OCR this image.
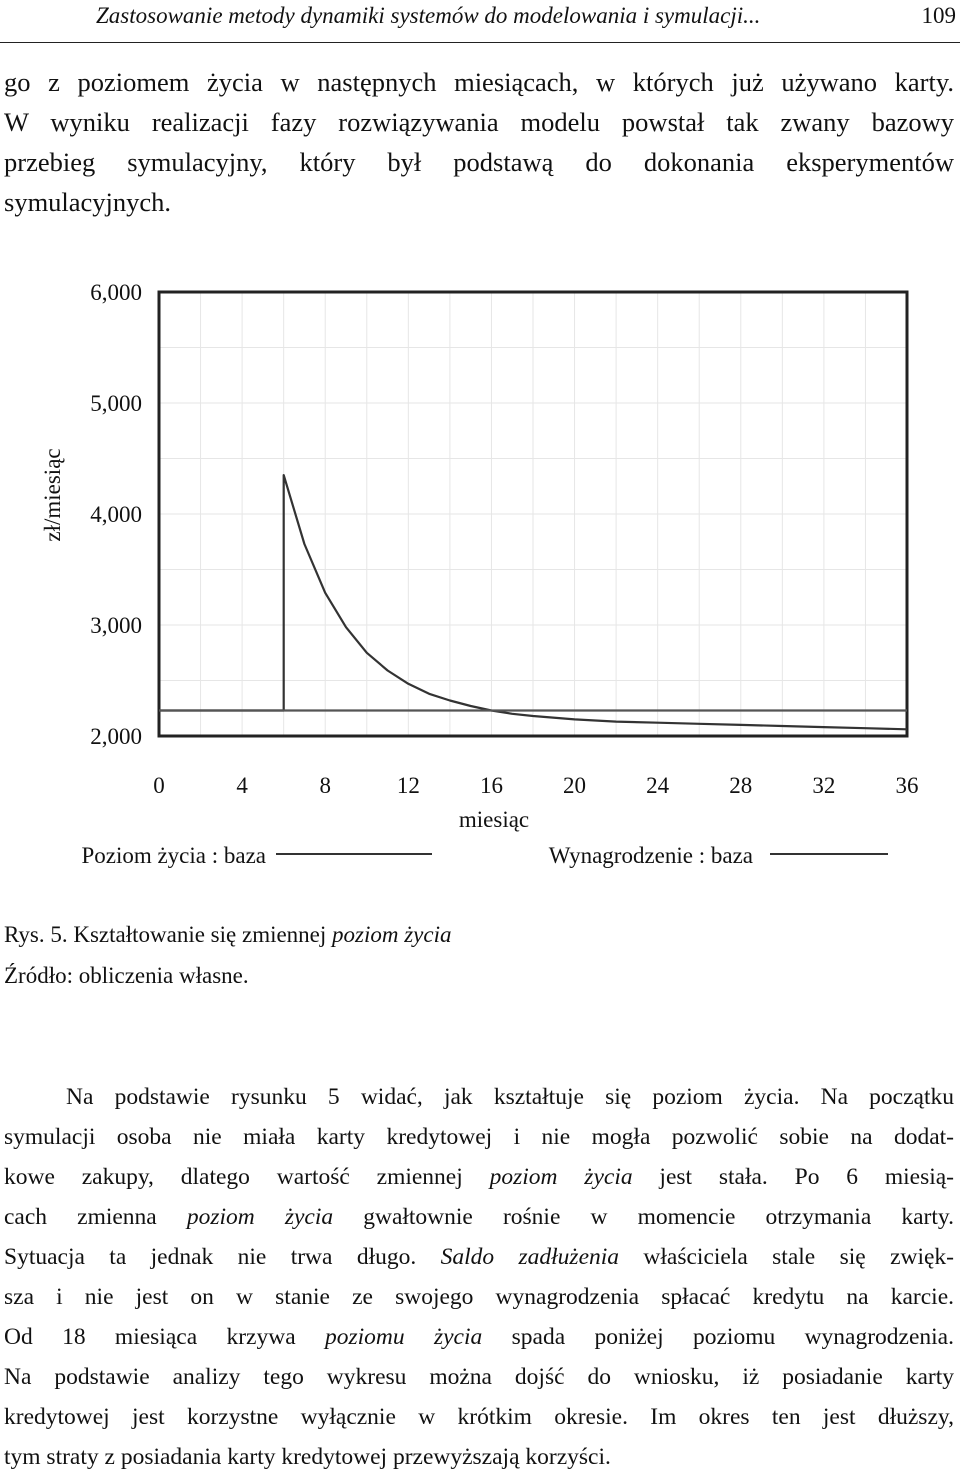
Zastosowanie metody dynamiki systemów do modelowania i symulacji...	109
go z poziomem życia w następnych miesiącach, w których już używano karty.
W wyniku realizacji fazy rozwiązywania modelu powstał tak zwany bazowy
przebieg symulacyjny, który był podstawą do dokonania eksperymentów
symulacyjnych.
6,000
5,000
4,000
3,000
2,000
0	4	8	12	16	20	24	28	32	36
zł/miesiąc
miesiąc
Poziom życia : baza	Wynagrodzenie : baza
Rys. 5. Kształtowanie się zmiennej poziom życia
Źródło: obliczenia własne.
Na podstawie rysunku 5 widać, jak kształtuje się poziom życia. Na początku
symulacji osoba nie miała karty kredytowej i nie mogła pozwolić sobie na dodat-
kowe zakupy, dlatego wartość zmiennej poziom życia jest stała. Po 6 miesią-
cach zmienna poziom życia gwałtownie rośnie w momencie otrzymania karty.
Sytuacja ta jednak nie trwa długo. Saldo zadłużenia właściciela stale się zwięk-
sza i nie jest on w stanie ze swojego wynagrodzenia spłacać kredytu na karcie.
Od 18 miesiąca krzywa poziomu życia spada poniżej poziomu wynagrodzenia.
Na podstawie analizy tego wykresu można dojść do wniosku, iż posiadanie karty
kredytowej jest korzystne wyłącznie w krótkim okresie. Im okres ten jest dłuższy,
tym straty z posiadania karty kredytowej przewyższają korzyści.
